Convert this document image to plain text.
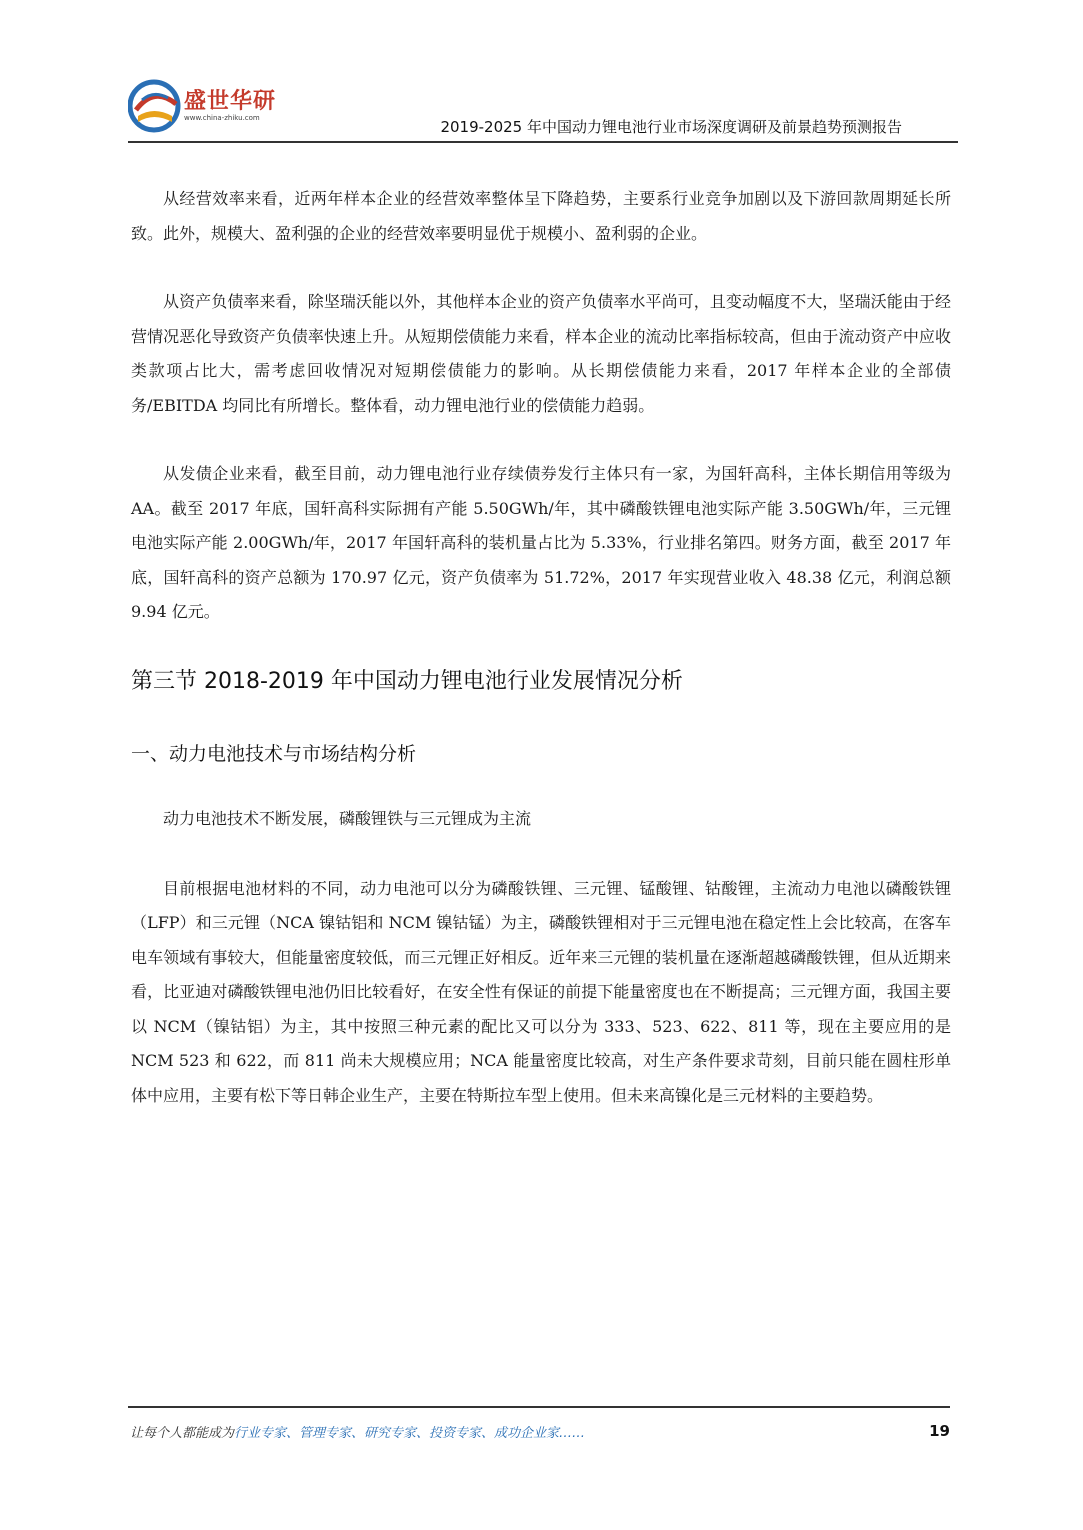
盛世华研
www.china-zhiku.com	2019-2025 年中国动力锂电池行业市场深度调研及前景趋势预测报告

从经营效率来看，近两年样本企业的经营效率整体呈下降趋势，主要系行业竞争加剧以及下游回款周期延长所致。此外，规模大、盈利强的企业的经营效率要明显优于规模小、盈利弱的企业。

从资产负债率来看，除坚瑞沃能以外，其他样本企业的资产负债率水平尚可，且变动幅度不大，坚瑞沃能由于经营情况恶化导致资产负债率快速上升。从短期偿债能力来看，样本企业的流动比率指标较高，但由于流动资产中应收类款项占比大，需考虑回收情况对短期偿债能力的影响。从长期偿债能力来看，2017 年样本企业的全部债务/EBITDA 均同比有所增长。整体看，动力锂电池行业的偿债能力趋弱。

从发债企业来看，截至目前，动力锂电池行业存续债券发行主体只有一家，为国轩高科，主体长期信用等级为 AA。截至 2017 年底，国轩高科实际拥有产能 5.50GWh/年，其中磷酸铁锂电池实际产能 3.50GWh/年，三元锂电池实际产能 2.00GWh/年，2017 年国轩高科的装机量占比为 5.33%，行业排名第四。财务方面，截至 2017 年底，国轩高科的资产总额为 170.97 亿元，资产负债率为 51.72%，2017 年实现营业收入 48.38 亿元，利润总额 9.94 亿元。

第三节 2018-2019 年中国动力锂电池行业发展情况分析
一、动力电池技术与市场结构分析

动力电池技术不断发展，磷酸锂铁与三元锂成为主流

目前根据电池材料的不同，动力电池可以分为磷酸铁锂、三元锂、锰酸锂、钴酸锂，主流动力电池以磷酸铁锂（LFP）和三元锂（NCA 镍钴铝和 NCM 镍钴锰）为主，磷酸铁锂相对于三元锂电池在稳定性上会比较高，在客车电车领域有事较大，但能量密度较低，而三元锂正好相反。近年来三元锂的装机量在逐渐超越磷酸铁锂，但从近期来看，比亚迪对磷酸铁锂电池仍旧比较看好，在安全性有保证的前提下能量密度也在不断提高；三元锂方面，我国主要以 NCM（镍钴铝）为主，其中按照三种元素的配比又可以分为 333、523、622、811 等，现在主要应用的是 NCM 523 和 622，而 811 尚未大规模应用；NCA 能量密度比较高，对生产条件要求苛刻，目前只能在圆柱形单体中应用，主要有松下等日韩企业生产，主要在特斯拉车型上使用。但未来高镍化是三元材料的主要趋势。

让每个人都能成为行业专家、管理专家、研究专家、投资专家、成功企业家……	19
